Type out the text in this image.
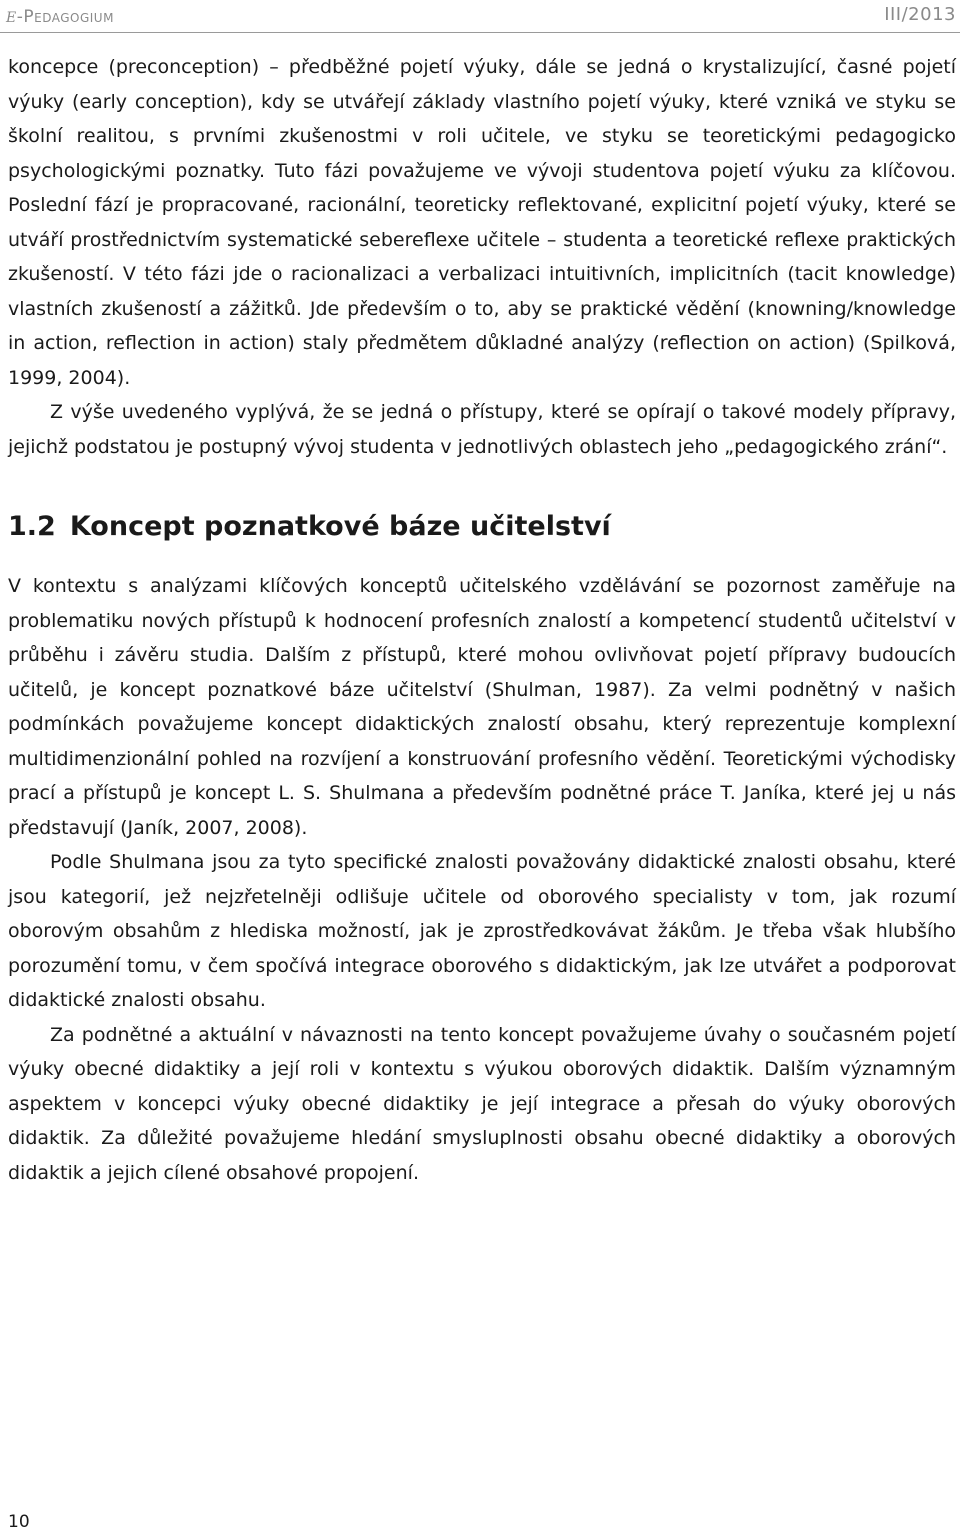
e-Pedagogium	III/2013

koncepce (preconception) – předběžné pojetí výuky, dále se jedná o krystalizující, časné pojetí výuky (early conception), kdy se utvářejí základy vlastního pojetí výuky, které vzniká ve styku se školní realitou, s prvními zkušenostmi v roli učitele, ve styku se teoretickými pedagogicko psychologickými poznatky. Tuto fázi považujeme ve vývoji studentova pojetí výuku za klíčovou. Poslední fází je propracované, racionální, teoreticky reflektované, explicitní pojetí výuky, které se utváří prostřednictvím systematické sebereflexe učitele – studenta a teoretické reflexe praktických zkušeností. V této fázi jde o racionalizaci a verbalizaci intuitivních, implicitních (tacit knowledge) vlastních zkušeností a zážitků. Jde především o to, aby se praktické vědění (knowning/knowledge in action, reflection in action) staly předmětem důkladné analýzy (reflection on action) (Spilková, 1999, 2004).

Z výše uvedeného vyplývá, že se jedná o přístupy, které se opírají o takové modely přípravy, jejichž podstatou je postupný vývoj studenta v jednotlivých oblastech jeho „pedagogického zrání“.

1.2 Koncept poznatkové báze učitelství

V kontextu s analýzami klíčových konceptů učitelského vzdělávání se pozornost zaměřuje na problematiku nových přístupů k hodnocení profesních znalostí a kompetencí studentů učitelství v průběhu i závěru studia. Dalším z přístupů, které mohou ovlivňovat pojetí přípravy budoucích učitelů, je koncept poznatkové báze učitelství (Shulman, 1987). Za velmi podnětný v našich podmínkách považujeme koncept didaktických znalostí obsahu, který reprezentuje komplexní multidimenzionální pohled na rozvíjení a konstruování profesního vědění. Teoretickými východisky prací a přístupů je koncept L. S. Shulmana a především podnětné práce T. Janíka, které jej u nás představují (Janík, 2007, 2008).

Podle Shulmana jsou za tyto specifické znalosti považovány didaktické znalosti obsahu, které jsou kategorií, jež nejzřetelněji odlišuje učitele od oborového specialisty v tom, jak rozumí oborovým obsahům z hlediska možností, jak je zprostředkovávat žákům. Je třeba však hlubšího porozumění tomu, v čem spočívá integrace oborového s didaktickým, jak lze utvářet a podporovat didaktické znalosti obsahu.

Za podnětné a aktuální v návaznosti na tento koncept považujeme úvahy o současném pojetí výuky obecné didaktiky a její roli v kontextu s výukou oborových didaktik. Dalším významným aspektem v koncepci výuky obecné didaktiky je její integrace a přesah do výuky oborových didaktik. Za důležité považujeme hledání smysluplnosti obsahu obecné didaktiky a oborových didaktik a jejich cílené obsahové propojení.

10
